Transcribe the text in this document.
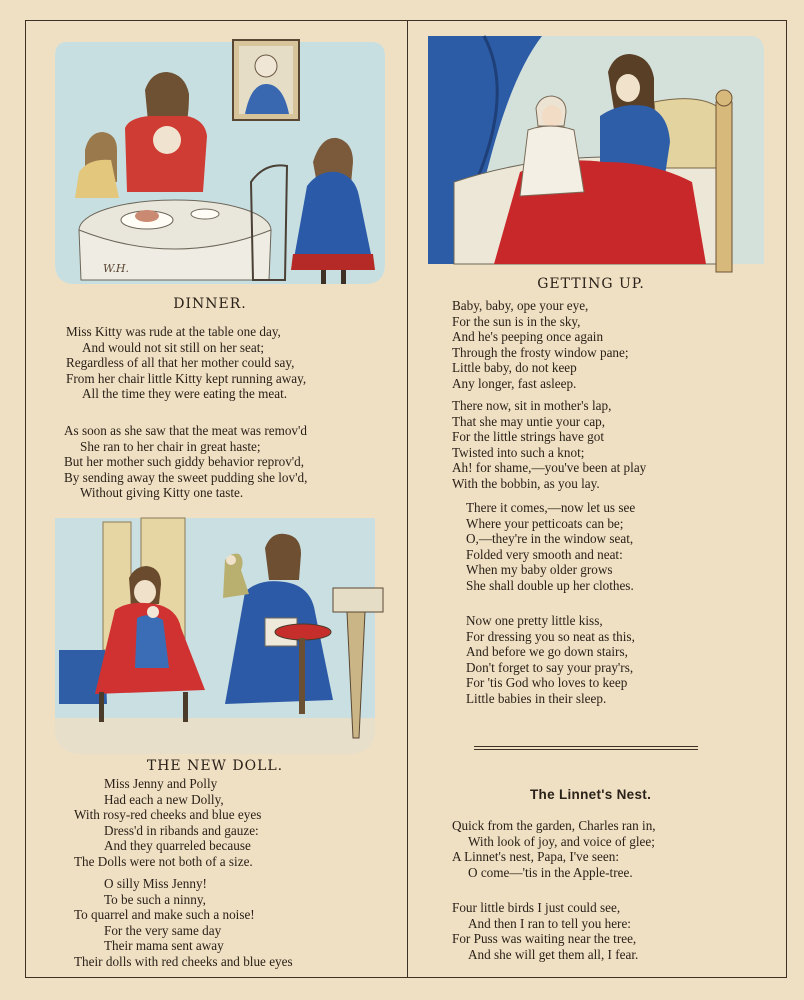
W.H.
DINNER.
Miss Kitty was rude at the table one day,
And would not sit still on her seat;
Regardless of all that her mother could say,
From her chair little Kitty kept running away,
All the time they were eating the meat.
As soon as she saw that the meat was remov'd
She ran to her chair in great haste;
But her mother such giddy behavior reprov'd,
By sending away the sweet pudding she lov'd,
Without giving Kitty one taste.
THE NEW DOLL.
Miss Jenny and Polly
Had each a new Dolly,
With rosy-red cheeks and blue eyes
Dress'd in ribands and gauze:
And they quarreled because
The Dolls were not both of a size.
O silly Miss Jenny!
To be such a ninny,
To quarrel and make such a noise!
For the very same day
Their mama sent away
Their dolls with red cheeks and blue eyes
GETTING UP.
Baby, baby, ope your eye,
For the sun is in the sky,
And he's peeping once again
Through the frosty window pane;
Little baby, do not keep
Any longer, fast asleep.
There now, sit in mother's lap,
That she may untie your cap,
For the little strings have got
Twisted into such a knot;
Ah! for shame,—you've been at play
With the bobbin, as you lay.
There it comes,—now let us see
Where your petticoats can be;
O,—they're in the window seat,
Folded very smooth and neat:
When my baby older grows
She shall double up her clothes.
Now one pretty little kiss,
For dressing you so neat as this,
And before we go down stairs,
Don't forget to say your pray'rs,
For 'tis God who loves to keep
Little babies in their sleep.
The Linnet's Nest.
Quick from the garden, Charles ran in,
With look of joy, and voice of glee;
A Linnet's nest, Papa, I've seen:
O come—'tis in the Apple-tree.
Four little birds I just could see,
And then I ran to tell you here:
For Puss was waiting near the tree,
And she will get them all, I fear.
